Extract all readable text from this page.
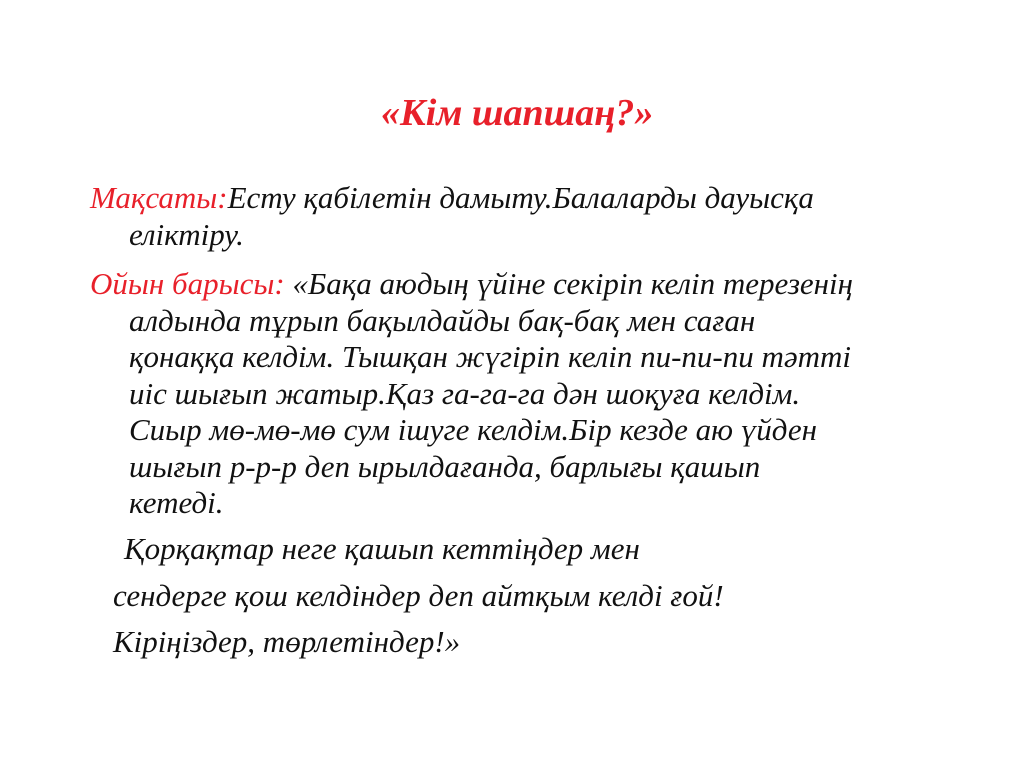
«Кім шапшаң?»
Мақсаты:Есту қабілетін дамыту.Балаларды дауысқа
еліктіру.
Ойын барысы: «Бақа аюдың үйіне секіріп келіп терезенің
алдында тұрып бақылдайды бақ-бақ мен саған
қонаққа келдім. Тышқан жүгіріп келіп пи-пи-пи тәтті
иіс шығып жатыр.Қаз га-га-га дән шоқуға келдім.
Сиыр мө-мө-мө сум ішуге келдім.Бір кезде аю үйден
шығып р-р-р деп ырылдағанда, барлығы қашып
кетеді.
Қорқақтар неге қашып кеттіңдер мен
сендерге қош келдіндер деп айтқым келді ғой!
Кіріңіздер, төрлетіндер!»
